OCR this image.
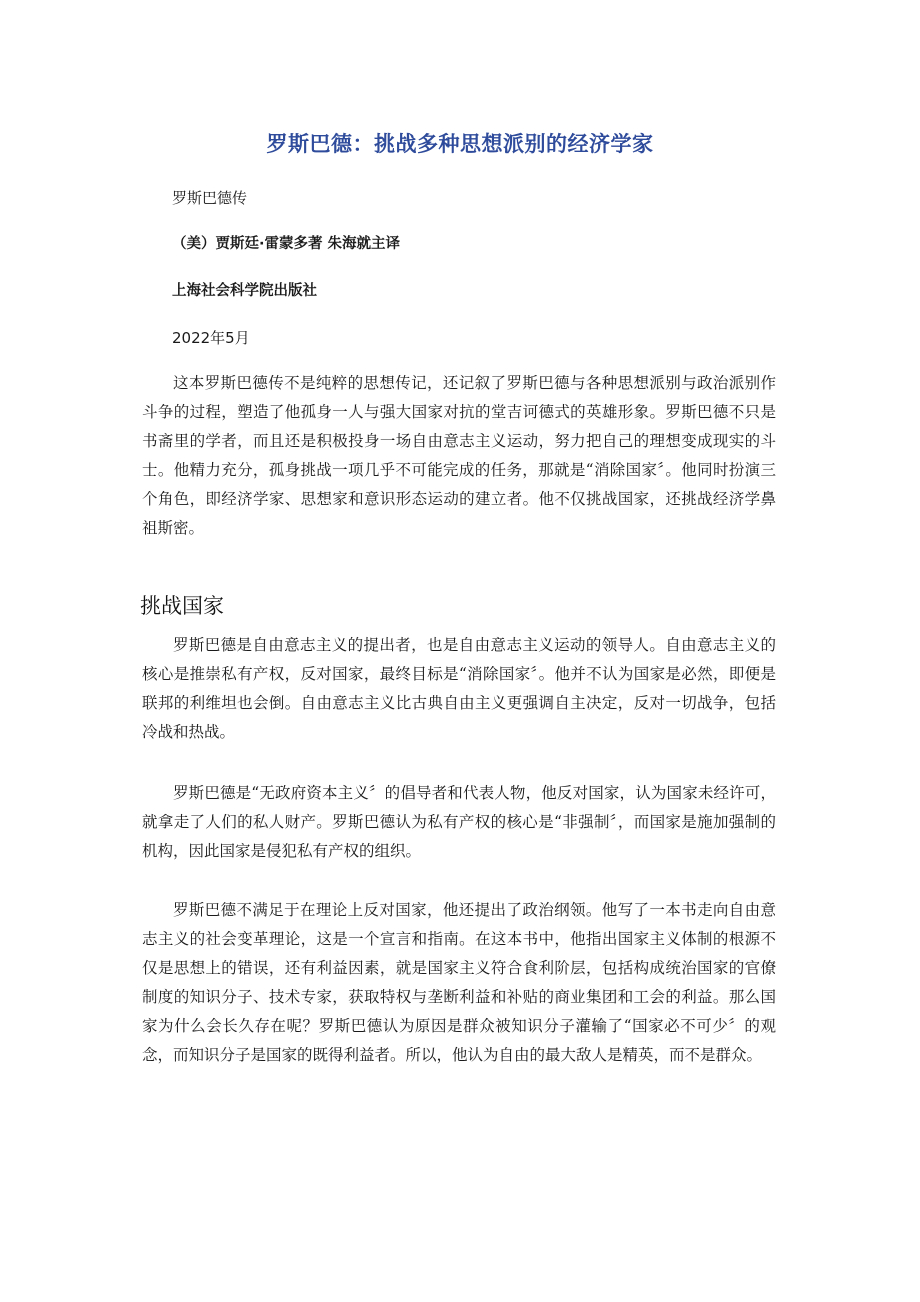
罗斯巴德：挑战多种思想派别的经济学家
罗斯巴德传
（美）贾斯廷·雷蒙多著 朱海就主译
上海社会科学院出版社
2022年5月

这本罗斯巴德传不是纯粹的思想传记，还记叙了罗斯巴德与各种思想派别与政治派别作斗争的过程，塑造了他孤身一人与强大国家对抗的堂吉诃德式的英雄形象。罗斯巴德不只是书斋里的学者，而且还是积极投身一场自由意志主义运动，努力把自己的理想变成现实的斗士。他精力充分，孤身挑战一项几乎不可能完成的任务，那就是“消除国家〞。他同时扮演三个角色，即经济学家、思想家和意识形态运动的建立者。他不仅挑战国家，还挑战经济学鼻祖斯密。

挑战国家

罗斯巴德是自由意志主义的提出者，也是自由意志主义运动的领导人。自由意志主义的核心是推崇私有产权，反对国家，最终目标是“消除国家〞。他并不认为国家是必然，即便是联邦的利维坦也会倒。自由意志主义比古典自由主义更强调自主决定，反对一切战争，包括冷战和热战。

罗斯巴德是“无政府资本主义〞的倡导者和代表人物，他反对国家，认为国家未经许可，就拿走了人们的私人财产。罗斯巴德认为私有产权的核心是“非强制〞，而国家是施加强制的机构，因此国家是侵犯私有产权的组织。

罗斯巴德不满足于在理论上反对国家，他还提出了政治纲领。他写了一本书走向自由意志主义的社会变革理论，这是一个宣言和指南。在这本书中，他指出国家主义体制的根源不仅是思想上的错误，还有利益因素，就是国家主义符合食利阶层，包括构成统治国家的官僚制度的知识分子、技术专家，获取特权与垄断利益和补贴的商业集团和工会的利益。那么国家为什么会长久存在呢？罗斯巴德认为原因是群众被知识分子灌输了“国家必不可少〞的观念，而知识分子是国家的既得利益者。所以，他认为自由的最大敌人是精英，而不是群众。
